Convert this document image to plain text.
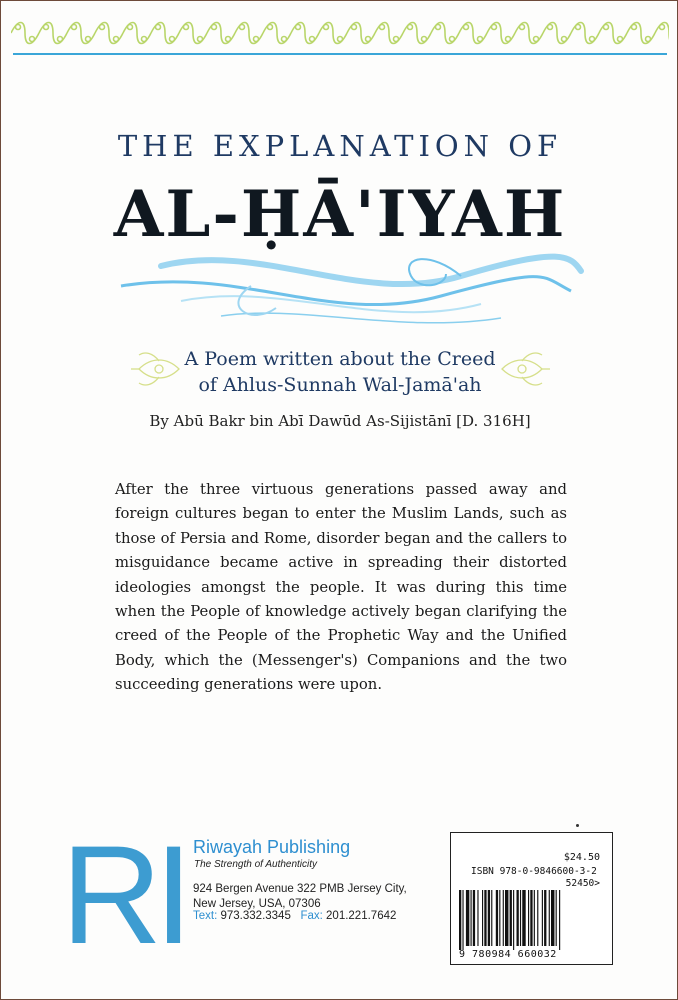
THE EXPLANATION OF
AL-ḤĀ'IYAH
A Poem written about the Creed
of Ahlus-Sunnah Wal-Jamā'ah
By Abū Bakr bin Abī Dawūd As-Sijistānī [D. 316H]

After the three virtuous generations passed away and foreign cultures began to enter the Muslim Lands, such as those of Persia and Rome, disorder began and the callers to misguidance became active in spreading their distorted ideologies amongst the people. It was during this time when the People of knowledge actively began clarifying the creed of the People of the Prophetic Way and the Unified Body, which the (Messenger's) Companions and the two succeeding generations were upon.

RI Riwayah Publishing
The Strength of Authenticity
924 Bergen Avenue 322 PMB Jersey City,
New Jersey, USA, 07306
Text: 973.332.3345 Fax: 201.221.7642
$24.50
ISBN 978-0-9846600-3-2
52450>
9 780984 660032
